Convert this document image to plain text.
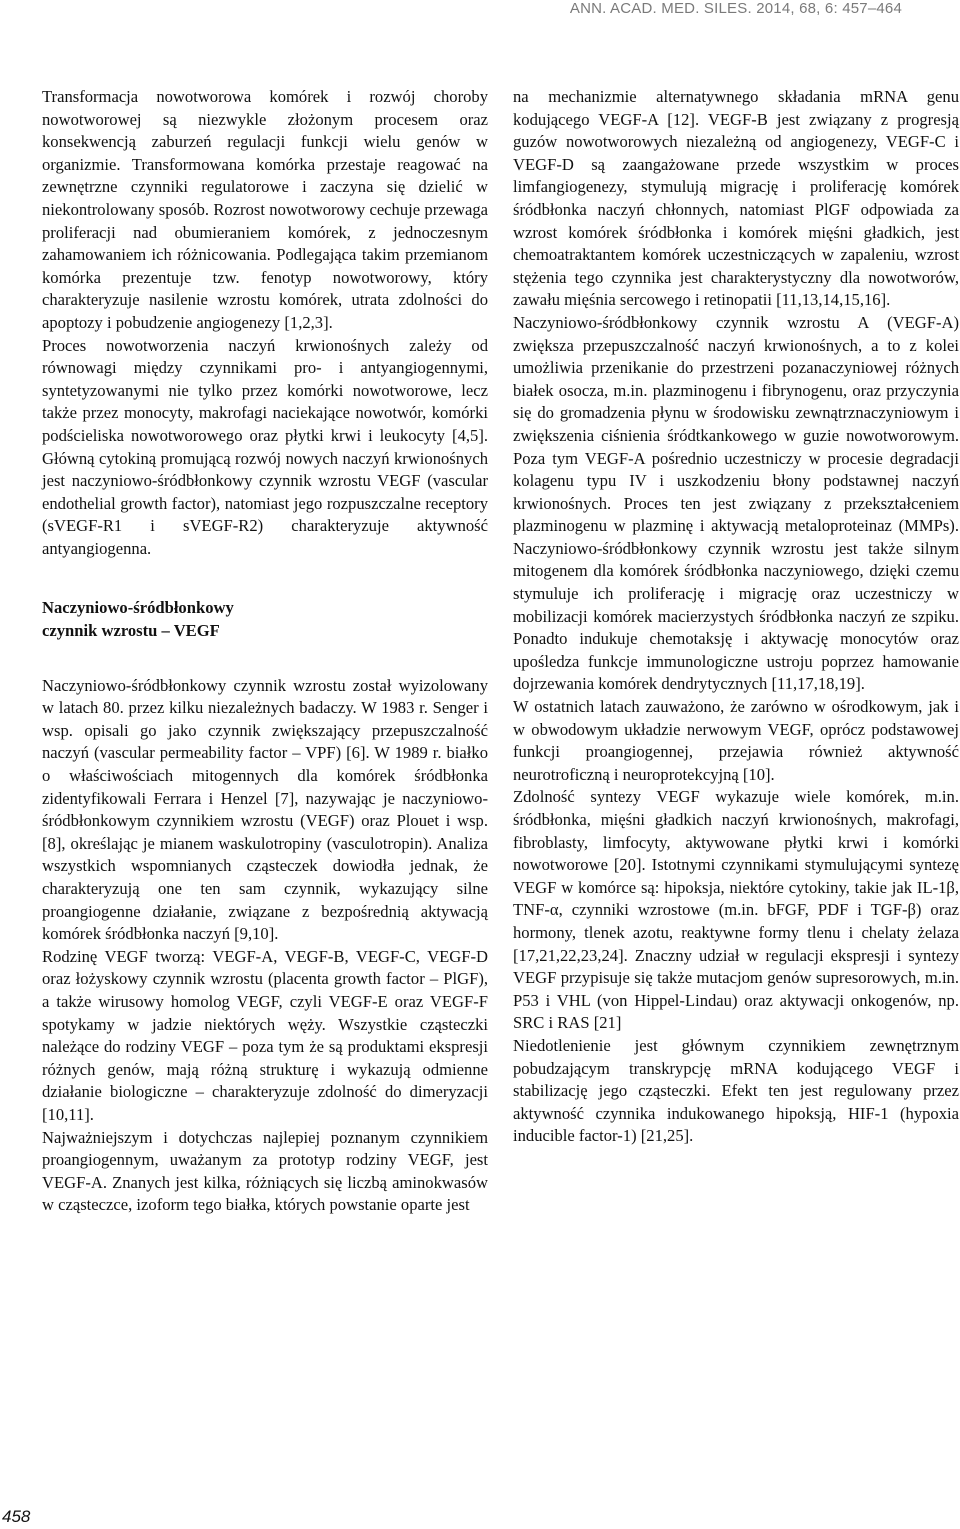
ANN. ACAD. MED. SILES. 2014, 68, 6: 457–464

Transformacja nowotworowa komórek i rozwój choroby nowotworowej są niezwykle złożonym procesem oraz konsekwencją zaburzeń regulacji funkcji wielu genów w organizmie. Transformowana komórka przestaje reagować na zewnętrzne czynniki regulatorowe i zaczyna się dzielić w niekontrolowany sposób. Rozrost nowotworowy cechuje przewaga proliferacji nad obumieraniem komórek, z jednoczesnym zahamowaniem ich różnicowania. Podlegająca takim przemianom komórka prezentuje tzw. fenotyp nowotworowy, który charakteryzuje nasilenie wzrostu komórek, utrata zdolności do apoptozy i pobudzenie angiogenezy [1,2,3].

Proces nowotworzenia naczyń krwionośnych zależy od równowagi między czynnikami pro- i antyangiogennymi, syntetyzowanymi nie tylko przez komórki nowotworowe, lecz także przez monocyty, makrofagi naciekające nowotwór, komórki podścieliska nowotworowego oraz płytki krwi i leukocyty [4,5]. Główną cytokiną promującą rozwój nowych naczyń krwionośnych jest naczyniowo-śródbłonkowy czynnik wzrostu VEGF (vascular endothelial growth factor), natomiast jego rozpuszczalne receptory (sVEGF-R1 i sVEGF-R2) charakteryzuje aktywność antyangiogenna.

Naczyniowo-śródbłonkowy
czynnik wzrostu – VEGF

Naczyniowo-śródbłonkowy czynnik wzrostu został wyizolowany w latach 80. przez kilku niezależnych badaczy. W 1983 r. Senger i wsp. opisali go jako czynnik zwiększający przepuszczalność naczyń (vascular permeability factor – VPF) [6]. W 1989 r. białko o właściwościach mitogennych dla komórek śródbłonka zidentyfikowali Ferrara i Henzel [7], nazywając je naczyniowo-śródbłonkowym czynnikiem wzrostu (VEGF) oraz Plouet i wsp. [8], określając je mianem waskulotropiny (vasculotropin). Analiza wszystkich wspomnianych cząsteczek dowiodła jednak, że charakteryzują one ten sam czynnik, wykazujący silne proangiogenne działanie, związane z bezpośrednią aktywacją komórek śródbłonka naczyń [9,10].

Rodzinę VEGF tworzą: VEGF-A, VEGF-B, VEGF-C, VEGF-D oraz łożyskowy czynnik wzrostu (placenta growth factor – PlGF), a także wirusowy homolog VEGF, czyli VEGF-E oraz VEGF-F spotykamy w jadzie niektórych węży. Wszystkie cząsteczki należące do rodziny VEGF – poza tym że są produktami ekspresji różnych genów, mają różną strukturę i wykazują odmienne działanie biologiczne – charakteryzuje zdolność do dimeryzacji [10,11].

Najważniejszym i dotychczas najlepiej poznanym czynnikiem proangiogennym, uważanym za prototyp rodziny VEGF, jest VEGF-A. Znanych jest kilka, różniących się liczbą aminokwasów w cząsteczce, izoform tego białka, których powstanie oparte jest

na mechanizmie alternatywnego składania mRNA genu kodującego VEGF-A [12]. VEGF-B jest związany z progresją guzów nowotworowych niezależną od angiogenezy, VEGF-C i VEGF-D są zaangażowane przede wszystkim w proces limfangiogenezy, stymulują migrację i proliferację komórek śródbłonka naczyń chłonnych, natomiast PlGF odpowiada za wzrost komórek śródbłonka i komórek mięśni gładkich, jest chemoatraktantem komórek uczestniczących w zapaleniu, wzrost stężenia tego czynnika jest charakterystyczny dla nowotworów, zawału mięśnia sercowego i retinopatii [11,13,14,15,16].

Naczyniowo-śródbłonkowy czynnik wzrostu A (VEGF-A) zwiększa przepuszczalność naczyń krwionośnych, a to z kolei umożliwia przenikanie do przestrzeni pozanaczyniowej różnych białek osocza, m.in. plazminogenu i fibrynogenu, oraz przyczynia się do gromadzenia płynu w środowisku zewnątrznaczyniowym i zwiększenia ciśnienia śródtkankowego w guzie nowotworowym. Poza tym VEGF-A pośrednio uczestniczy w procesie degradacji kolagenu typu IV i uszkodzeniu błony podstawnej naczyń krwionośnych. Proces ten jest związany z przekształceniem plazminogenu w plazminę i aktywacją metaloproteinaz (MMPs). Naczyniowo-śródbłonkowy czynnik wzrostu jest także silnym mitogenem dla komórek śródbłonka naczyniowego, dzięki czemu stymuluje ich proliferację i migrację oraz uczestniczy w mobilizacji komórek macierzystych śródbłonka naczyń ze szpiku. Ponadto indukuje chemotaksję i aktywację monocytów oraz upośledza funkcje immunologiczne ustroju poprzez hamowanie dojrzewania komórek dendrytycznych [11,17,18,19].

W ostatnich latach zauważono, że zarówno w ośrodkowym, jak i w obwodowym układzie nerwowym VEGF, oprócz podstawowej funkcji proangiogennej, przejawia również aktywność neurotroficzną i neuroprotekcyjną [10].

Zdolność syntezy VEGF wykazuje wiele komórek, m.in. śródbłonka, mięśni gładkich naczyń krwionośnych, makrofagi, fibroblasty, limfocyty, aktywowane płytki krwi i komórki nowotworowe [20]. Istotnymi czynnikami stymulującymi syntezę VEGF w komórce są: hipoksja, niektóre cytokiny, takie jak IL-1β, TNF-α, czynniki wzrostowe (m.in. bFGF, PDF i TGF-β) oraz hormony, tlenek azotu, reaktywne formy tlenu i chelaty żelaza [17,21,22,23,24]. Znaczny udział w regulacji ekspresji i syntezy VEGF przypisuje się także mutacjom genów supresorowych, m.in. P53 i VHL (von Hippel-Lindau) oraz aktywacji onkogenów, np. SRC i RAS [21]

Niedotlenienie jest głównym czynnikiem zewnętrznym pobudzającym transkrypcję mRNA kodującego VEGF i stabilizację jego cząsteczki. Efekt ten jest regulowany przez aktywność czynnika indukowanego hipoksją, HIF-1 (hypoxia inducible factor-1) [21,25].

458
